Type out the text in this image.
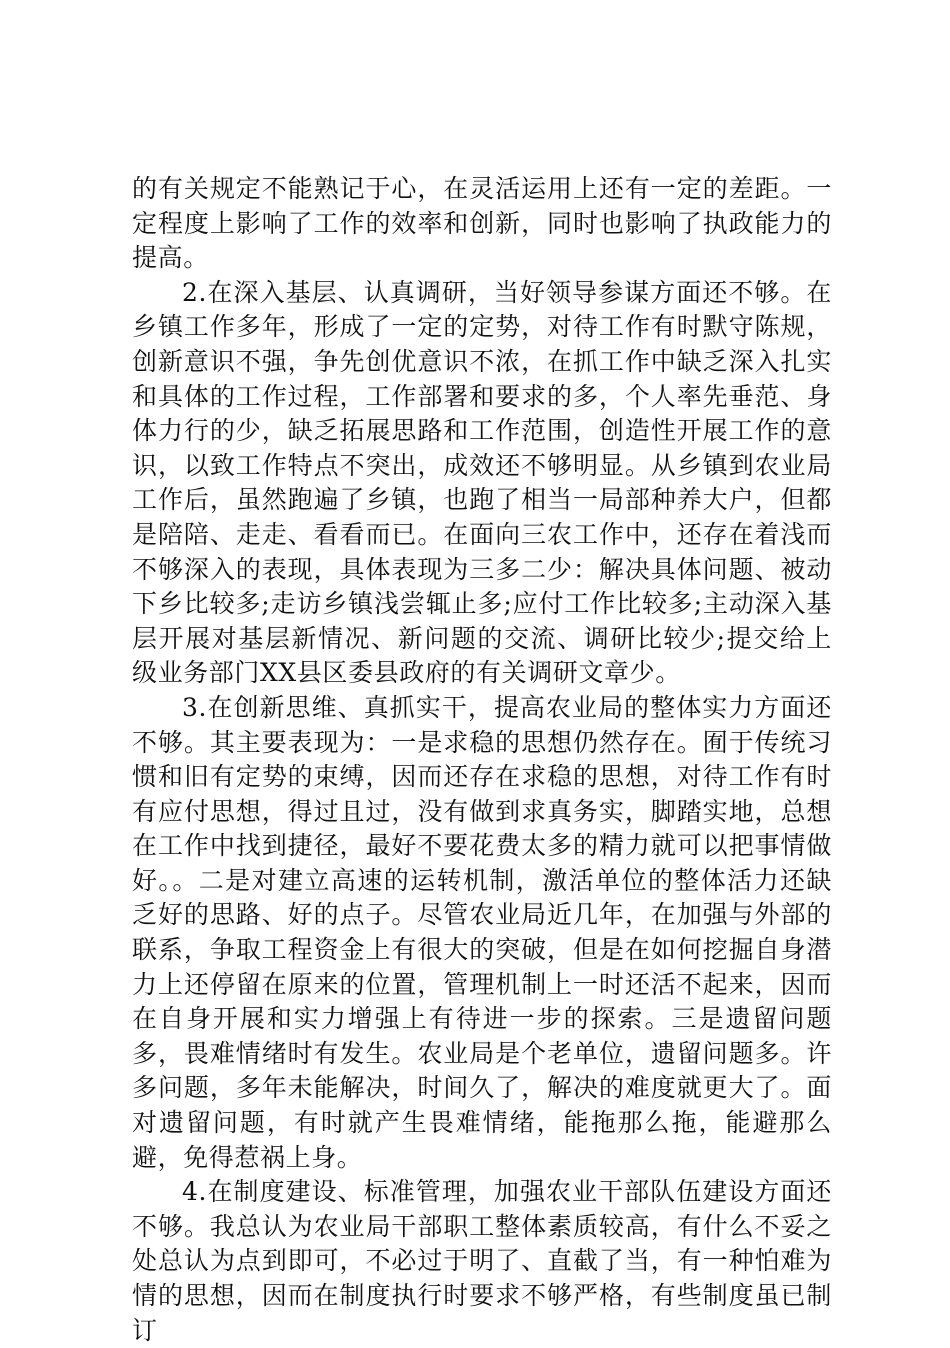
的有关规定不能熟记于心，在灵活运用上还有一定的差距。一定程度上影响了工作的效率和创新，同时也影响了执政能力的提高。

2.在深入基层、认真调研，当好领导参谋方面还不够。在乡镇工作多年，形成了一定的定势，对待工作有时默守陈规，创新意识不强，争先创优意识不浓，在抓工作中缺乏深入扎实和具体的工作过程，工作部署和要求的多，个人率先垂范、身体力行的少，缺乏拓展思路和工作范围，创造性开展工作的意识，以致工作特点不突出，成效还不够明显。从乡镇到农业局工作后，虽然跑遍了乡镇，也跑了相当一局部种养大户，但都是陪陪、走走、看看而已。在面向三农工作中，还存在着浅而不够深入的表现，具体表现为三多二少：解决具体问题、被动下乡比较多;走访乡镇浅尝辄止多;应付工作比较多;主动深入基层开展对基层新情况、新问题的交流、调研比较少;提交给上级业务部门XX县区委县政府的有关调研文章少。

3.在创新思维、真抓实干，提高农业局的整体实力方面还不够。其主要表现为：一是求稳的思想仍然存在。囿于传统习惯和旧有定势的束缚，因而还存在求稳的思想，对待工作有时有应付思想，得过且过，没有做到求真务实，脚踏实地，总想在工作中找到捷径，最好不要花费太多的精力就可以把事情做好。。二是对建立高速的运转机制，激活单位的整体活力还缺乏好的思路、好的点子。尽管农业局近几年，在加强与外部的联系，争取工程资金上有很大的突破，但是在如何挖掘自身潜力上还停留在原来的位置，管理机制上一时还活不起来，因而在自身开展和实力增强上有待进一步的探索。三是遗留问题多，畏难情绪时有发生。农业局是个老单位，遗留问题多。许多问题，多年未能解决，时间久了，解决的难度就更大了。面对遗留问题，有时就产生畏难情绪，能拖那么拖，能避那么避，免得惹祸上身。

4.在制度建设、标准管理，加强农业干部队伍建设方面还不够。我总认为农业局干部职工整体素质较高，有什么不妥之处总认为点到即可，不必过于明了、直截了当，有一种怕难为情的思想，因而在制度执行时要求不够严格，有些制度虽已制订
